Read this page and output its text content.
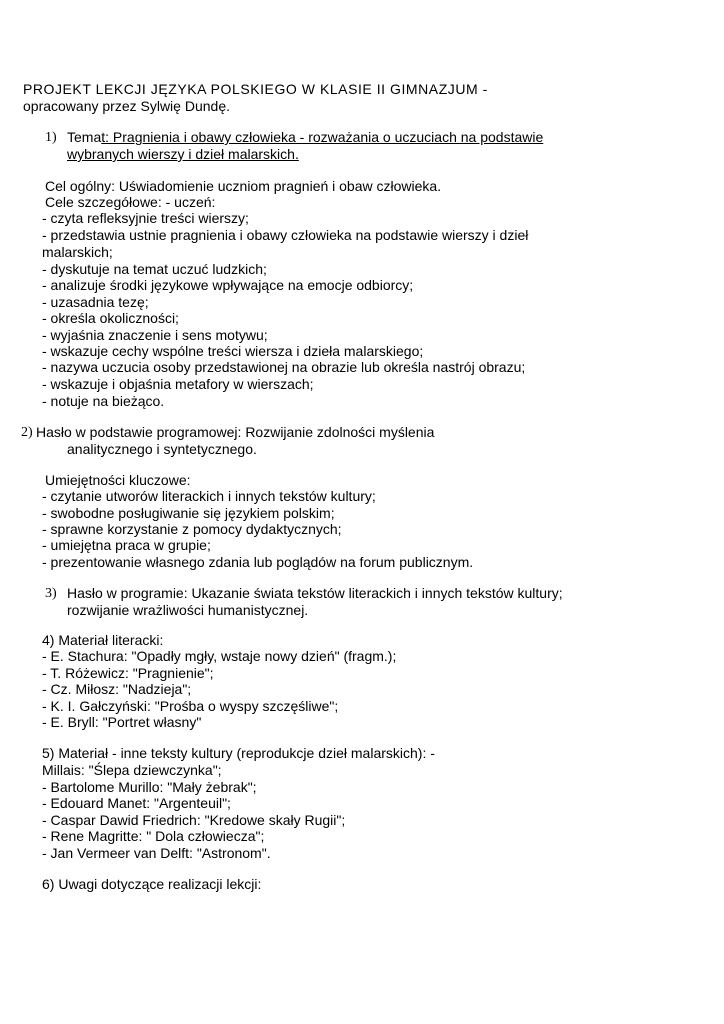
PROJEKT LEKCJI JĘZYKA POLSKIEGO W KLASIE II GIMNAZJUM -
opracowany przez Sylwię Dundę.
1) Temat: Pragnienia i obawy człowieka - rozważania o uczuciach na podstawie
wybranych wierszy i dzieł malarskich.
Cel ogólny: Uświadomienie uczniom pragnień i obaw człowieka.
Cele szczegółowe: - uczeń:
- czyta refleksyjnie treści wierszy;
- przedstawia ustnie pragnienia i obawy człowieka na podstawie wierszy i dzieł
malarskich;
- dyskutuje na temat uczuć ludzkich;
- analizuje środki językowe wpływające na emocje odbiorcy;
- uzasadnia tezę;
- określa okoliczności;
- wyjaśnia znaczenie i sens motywu;
- wskazuje cechy wspólne treści wiersza i dzieła malarskiego;
- nazywa uczucia osoby przedstawionej na obrazie lub określa nastrój obrazu;
- wskazuje i objaśnia metafory w wierszach;
- notuje na bieżąco.
2) Hasło w podstawie programowej: Rozwijanie zdolności myślenia
analitycznego i syntetycznego.
Umiejętności kluczowe:
- czytanie utworów literackich i innych tekstów kultury;
- swobodne posługiwanie się językiem polskim;
- sprawne korzystanie z pomocy dydaktycznych;
- umiejętna praca w grupie;
- prezentowanie własnego zdania lub poglądów na forum publicznym.
3) Hasło w programie: Ukazanie świata tekstów literackich i innych tekstów kultury;
rozwijanie wrażliwości humanistycznej.
4) Materiał literacki:
- E. Stachura: "Opadły mgły, wstaje nowy dzień" (fragm.);
- T. Różewicz: "Pragnienie";
- Cz. Miłosz: "Nadzieja";
- K. I. Gałczyński: "Prośba o wyspy szczęśliwe";
- E. Bryll: "Portret własny"
5) Materiał - inne teksty kultury (reprodukcje dzieł malarskich): -
Millais: "Ślepa dziewczynka";
- Bartolome Murillo: "Mały żebrak";
- Edouard Manet: "Argenteuil";
- Caspar Dawid Friedrich: "Kredowe skały Rugii";
- Rene Magritte: " Dola człowiecza";
- Jan Vermeer van Delft: "Astronom".
6) Uwagi dotyczące realizacji lekcji:
